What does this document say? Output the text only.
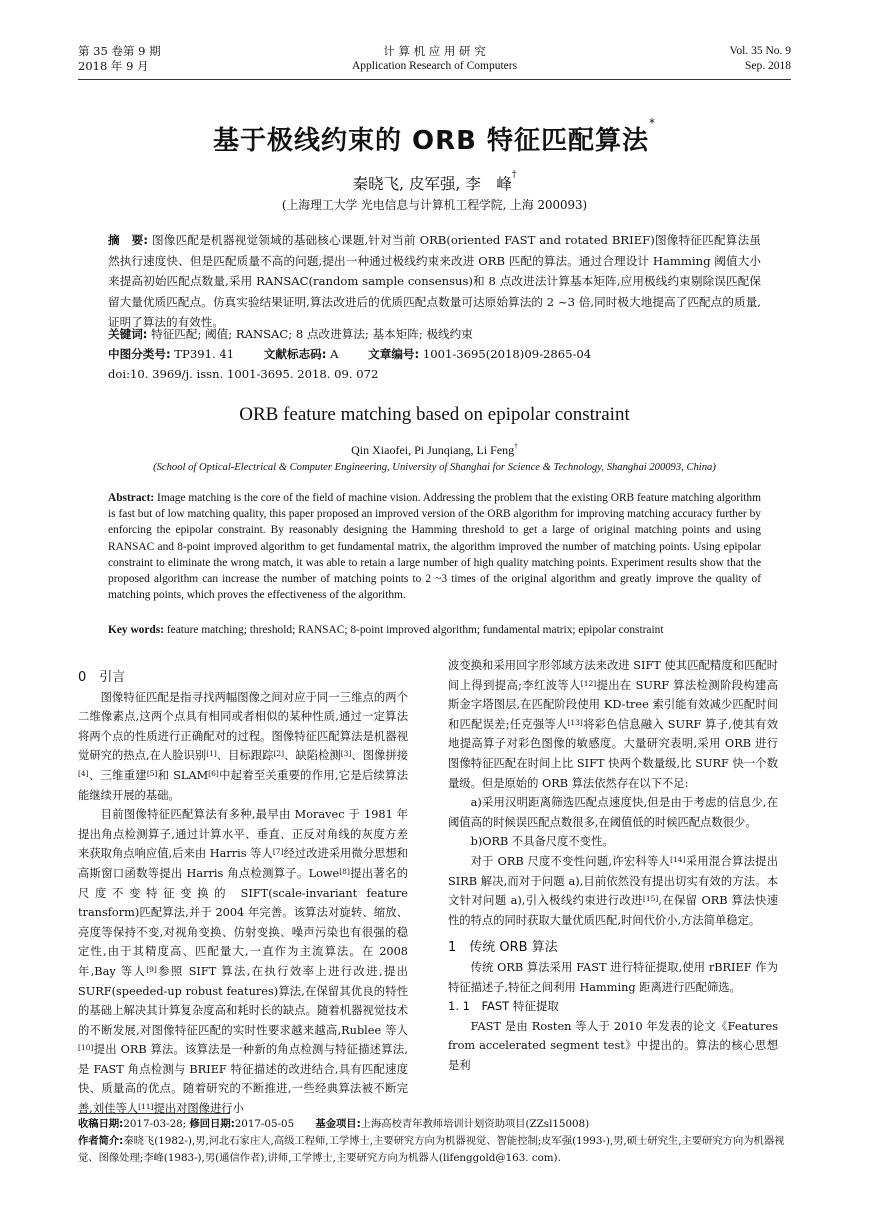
第 35 卷第 9 期
2018 年 9 月
计 算 机 应 用 研 究
Application Research of Computers
Vol. 35 No. 9
Sep. 2018
基于极线约束的 ORB 特征匹配算法*
秦晓飞, 皮军强, 李　峰†
(上海理工大学 光电信息与计算机工程学院, 上海 200093)
摘　要: 图像匹配是机器视觉领域的基础核心课题,针对当前 ORB(oriented FAST and rotated BRIEF)图像特征匹配算法虽然执行速度快、但是匹配质量不高的问题,提出一种通过极线约束来改进 ORB 匹配的算法。通过合理设计 Hamming 阈值大小来提高初始匹配点数量,采用 RANSAC(random sample consensus)和 8 点改进法计算基本矩阵,应用极线约束剔除误匹配保留大量优质匹配点。仿真实验结果证明,算法改进后的优质匹配点数量可达原始算法的 2 ~3 倍,同时极大地提高了匹配点的质量,证明了算法的有效性。
关键词: 特征匹配; 阈值; RANSAC; 8 点改进算法; 基本矩阵; 极线约束
中图分类号: TP391. 41	文献标志码: A	文章编号: 1001-3695(2018)09-2865-04
doi:10. 3969/j. issn. 1001-3695. 2018. 09. 072
ORB feature matching based on epipolar constraint
Qin Xiaofei, Pi Junqiang, Li Feng†
(School of Optical-Electrical & Computer Engineering, University of Shanghai for Science & Technology, Shanghai 200093, China)
Abstract: Image matching is the core of the field of machine vision. Addressing the problem that the existing ORB feature matching algorithm is fast but of low matching quality, this paper proposed an improved version of the ORB algorithm for improving matching accuracy further by enforcing the epipolar constraint. By reasonably designing the Hamming threshold to get a large of original matching points and using RANSAC and 8-point improved algorithm to get fundamental matrix, the algorithm improved the number of matching points. Using epipolar constraint to eliminate the wrong match, it was able to retain a large number of high quality matching points. Experiment results show that the proposed algorithm can increase the number of matching points to 2 ~3 times of the original algorithm and greatly improve the quality of matching points, which proves the effectiveness of the algorithm.
Key words: feature matching; threshold; RANSAC; 8-point improved algorithm; fundamental matrix; epipolar constraint

0　引言

图像特征匹配是指寻找两幅图像之间对应于同一三维点的两个二维像素点,这两个点具有相同或者相似的某种性质,通过一定算法将两个点的性质进行正确配对的过程。图像特征匹配算法是机器视觉研究的热点,在人脸识别[1]、目标跟踪[2]、缺陷检测[3]、图像拼接[4]、三维重建[5]和 SLAM[6]中起着至关重要的作用,它是后续算法能继续开展的基础。

目前图像特征匹配算法有多种,最早由 Moravec 于 1981 年提出角点检测算子,通过计算水平、垂直、正反对角线的灰度方差来获取角点响应值,后来由 Harris 等人[7]经过改进采用微分思想和高斯窗口函数等提出 Harris 角点检测算子。Lowe[8]提出著名的尺度不变特征变换的 SIFT(scale-invariant feature transform)匹配算法,并于 2004 年完善。该算法对旋转、缩放、亮度等保持不变,对视角变换、仿射变换、噪声污染也有很强的稳定性,由于其精度高、匹配量大,一直作为主流算法。在 2008 年,Bay 等人[9]参照 SIFT 算法,在执行效率上进行改进,提出 SURF(speeded-up robust features)算法,在保留其优良的特性的基础上解决其计算复杂度高和耗时长的缺点。随着机器视觉技术的不断发展,对图像特征匹配的实时性要求越来越高,Rublee 等人[10]提出 ORB 算法。该算法是一种新的角点检测与特征描述算法,是 FAST 角点检测与 BRIEF 特征描述的改进结合,具有匹配速度快、质量高的优点。随着研究的不断推进,一些经典算法被不断完善,刘佳等人[11]提出对图像进行小

波变换和采用回字形邻域方法来改进 SIFT 使其匹配精度和匹配时间上得到提高;李红波等人[12]提出在 SURF 算法检测阶段构建高斯金字塔图层,在匹配阶段使用 KD-tree 索引能有效减少匹配时间和匹配误差;任克强等人[13]将彩色信息融入 SURF 算子,使其有效地提高算子对彩色图像的敏感度。大量研究表明,采用 ORB 进行图像特征匹配在时间上比 SIFT 快两个数量级,比 SURF 快一个数量级。但是原始的 ORB 算法依然存在以下不足:

a)采用汉明距离筛选匹配点速度快,但是由于考虑的信息少,在阈值高的时候误匹配点数很多,在阈值低的时候匹配点数很少。

b)ORB 不具备尺度不变性。

对于 ORB 尺度不变性问题,许宏科等人[14]采用混合算法提出 SIRB 解决,而对于问题 a),目前依然没有提出切实有效的方法。本文针对问题 a),引入极线约束进行改进[15],在保留 ORB 算法快速性的特点的同时获取大量优质匹配,时间代价小,方法简单稳定。

1　传统 ORB 算法

传统 ORB 算法采用 FAST 进行特征提取,使用 rBRIEF 作为特征描述子,特征之间利用 Hamming 距离进行匹配筛选。

1. 1　FAST 特征提取

FAST 是由 Rosten 等人于 2010 年发表的论文《Features from accelerated segment test》中提出的。算法的核心思想是利

收稿日期:2017-03-28; 修回日期:2017-05-05 基金项目:上海高校青年教师培训计划资助项目(ZZsl15008)
作者简介:秦晓飞(1982-),男,河北石家庄人,高级工程师,工学博士,主要研究方向为机器视觉、智能控制;皮军强(1993-),男,硕士研究生,主要研究方向为机器视觉、图像处理;李峰(1983-),男(通信作者),讲师,工学博士,主要研究方向为机器人(lifenggold@163. com).
